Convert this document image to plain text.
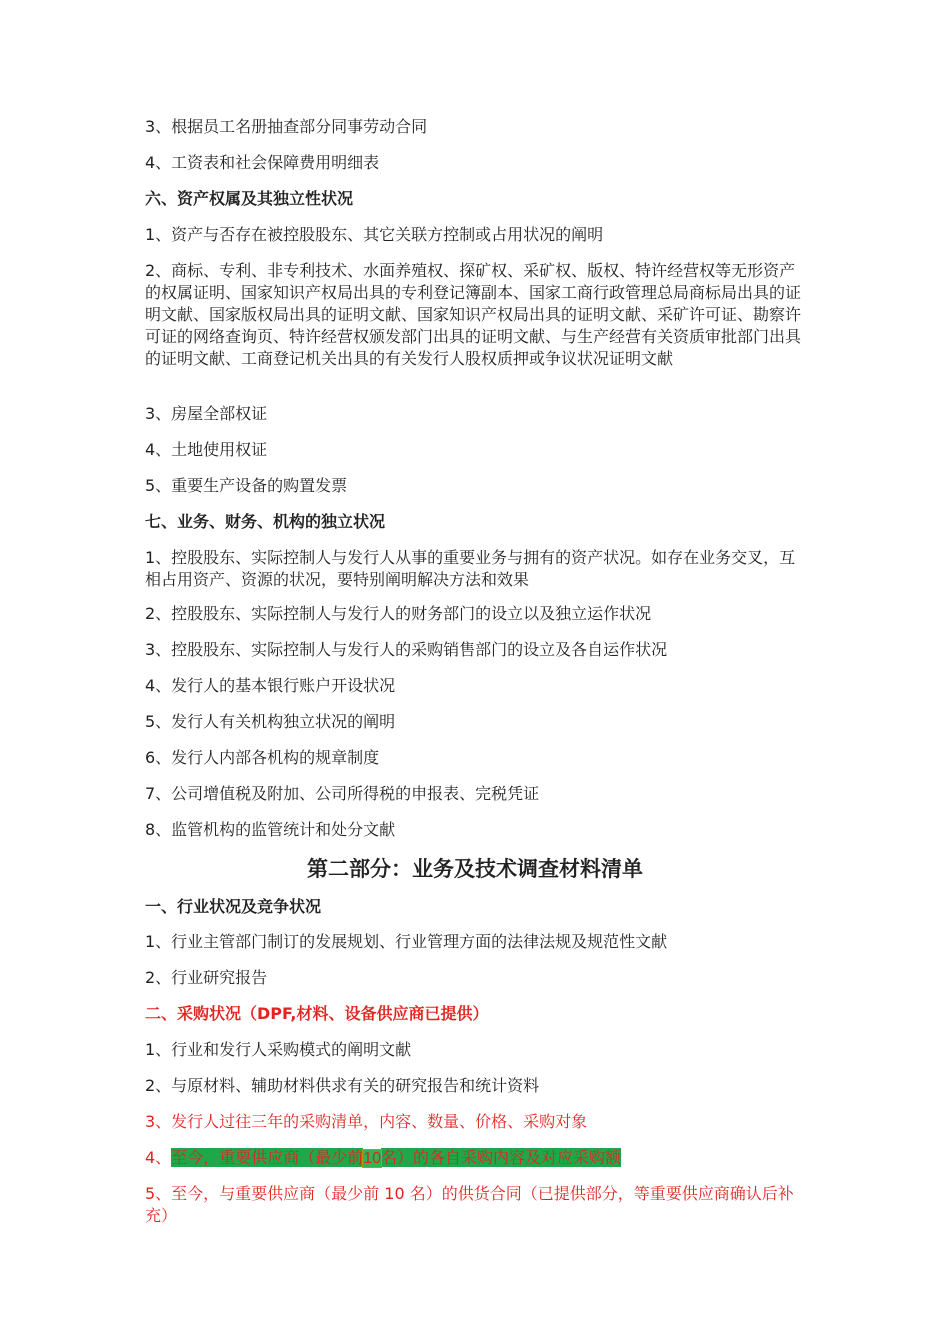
3、根据员工名册抽查部分同事劳动合同
4、工资表和社会保障费用明细表
六、资产权属及其独立性状况
1、资产与否存在被控股股东、其它关联方控制或占用状况的阐明
2、商标、专利、非专利技术、水面养殖权、探矿权、采矿权、版权、特许经营权等无形资产的权属证明、国家知识产权局出具的专利登记簿副本、国家工商行政管理总局商标局出具的证明文献、国家版权局出具的证明文献、国家知识产权局出具的证明文献、采矿许可证、勘察许可证的网络查询页、特许经营权颁发部门出具的证明文献、与生产经营有关资质审批部门出具的证明文献、工商登记机关出具的有关发行人股权质押或争议状况证明文献
3、房屋全部权证
4、土地使用权证
5、重要生产设备的购置发票
七、业务、财务、机构的独立状况
1、控股股东、实际控制人与发行人从事的重要业务与拥有的资产状况。如存在业务交叉，互相占用资产、资源的状况，要特别阐明解决方法和效果
2、控股股东、实际控制人与发行人的财务部门的设立以及独立运作状况
3、控股股东、实际控制人与发行人的采购销售部门的设立及各自运作状况
4、发行人的基本银行账户开设状况
5、发行人有关机构独立状况的阐明
6、发行人内部各机构的规章制度
7、公司增值税及附加、公司所得税的申报表、完税凭证
8、监管机构的监管统计和处分文献
第二部分：业务及技术调查材料清单
一、行业状况及竞争状况
1、行业主管部门制订的发展规划、行业管理方面的法律法规及规范性文献
2、行业研究报告
二、采购状况（DPF,材料、设备供应商已提供）
1、行业和发行人采购模式的阐明文献
2、与原材料、辅助材料供求有关的研究报告和统计资料
3、发行人过往三年的采购清单，内容、数量、价格、采购对象
4、至今，重要供应商（最少前10名）的各自采购内容及对应采购额
5、至今，与重要供应商（最少前 10 名）的供货合同（已提供部分，等重要供应商确认后补充）
